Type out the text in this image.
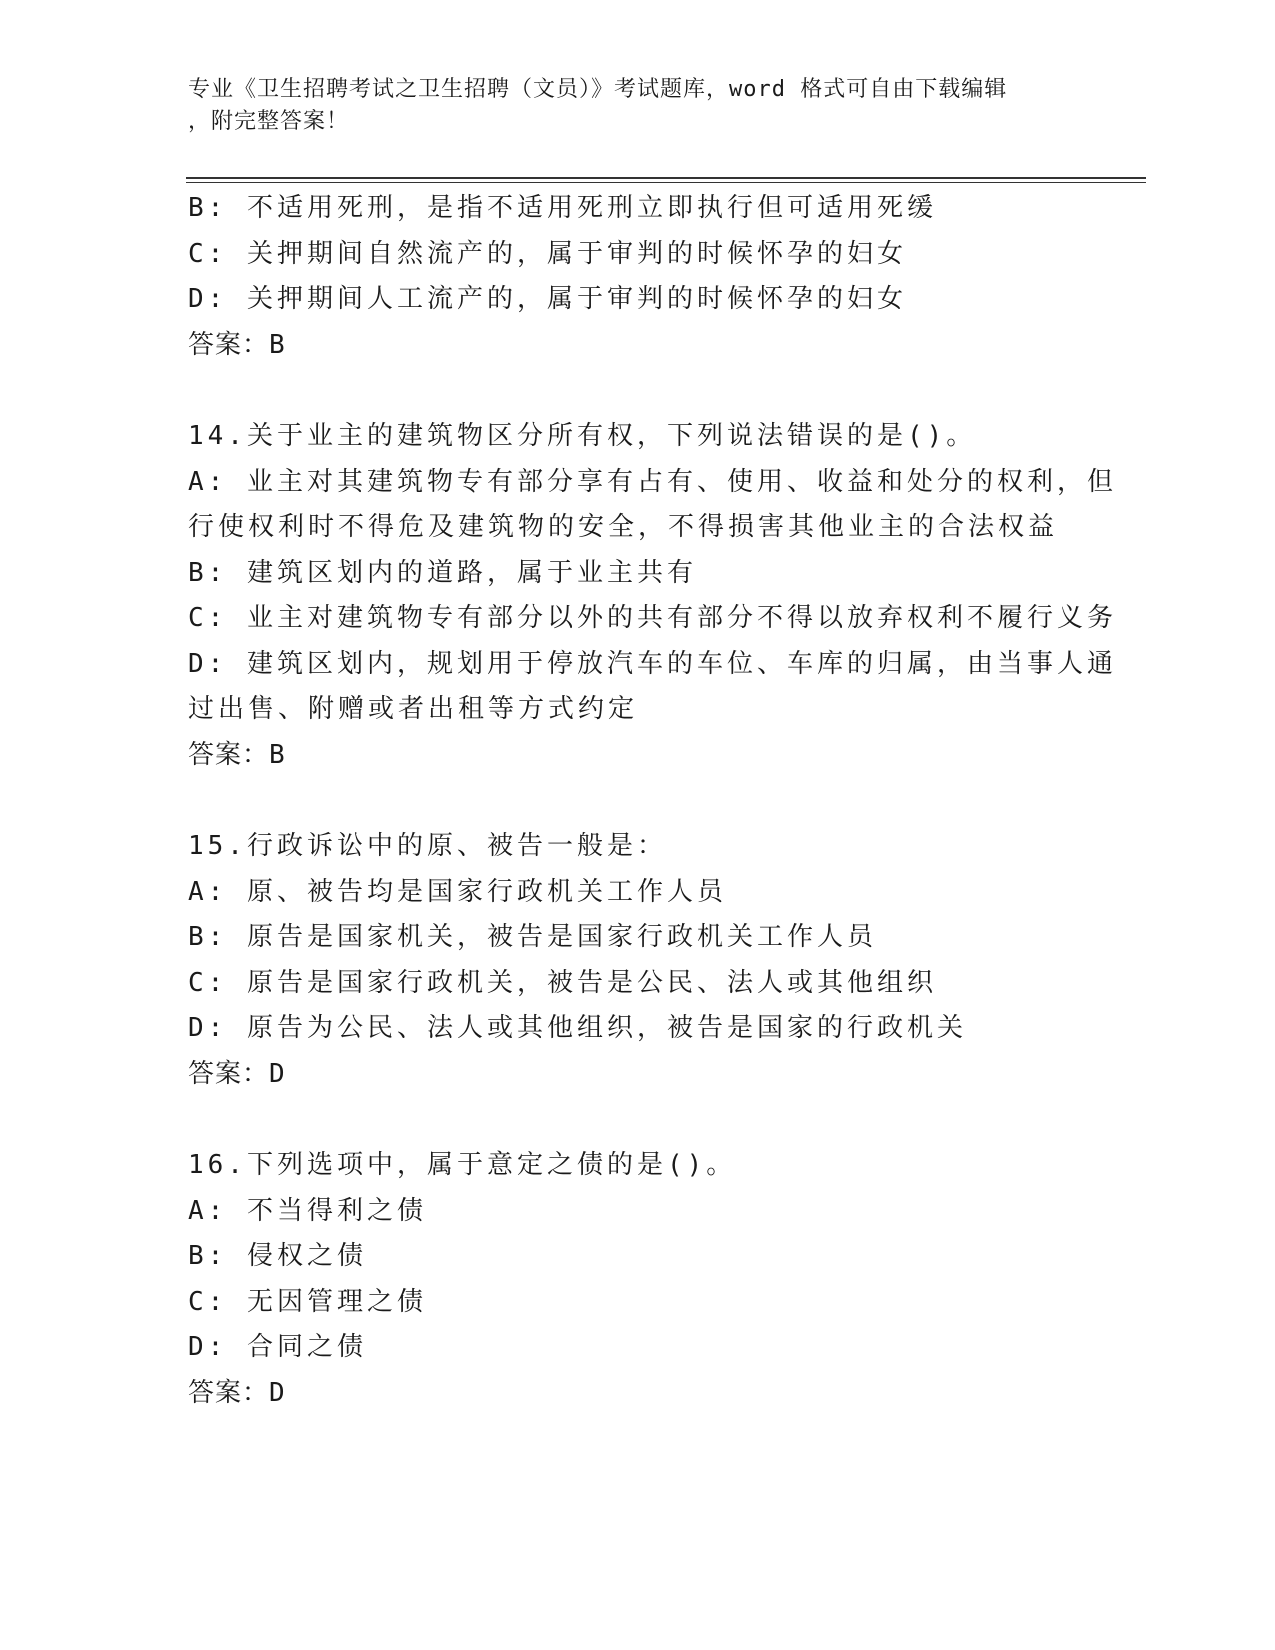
专业《卫生招聘考试之卫生招聘（文员）》考试题库，word 格式可自由下载编辑
，附完整答案！

B: 不适用死刑，是指不适用死刑立即执行但可适用死缓

C: 关押期间自然流产的，属于审判的时候怀孕的妇女

D: 关押期间人工流产的，属于审判的时候怀孕的妇女

答案：B

14.关于业主的建筑物区分所有权，下列说法错误的是()。

A: 业主对其建筑物专有部分享有占有、使用、收益和处分的权利，但

行使权利时不得危及建筑物的安全，不得损害其他业主的合法权益

B: 建筑区划内的道路，属于业主共有

C: 业主对建筑物专有部分以外的共有部分不得以放弃权利不履行义务

D: 建筑区划内，规划用于停放汽车的车位、车库的归属，由当事人通

过出售、附赠或者出租等方式约定

答案：B

15.行政诉讼中的原、被告一般是：

A: 原、被告均是国家行政机关工作人员

B: 原告是国家机关，被告是国家行政机关工作人员

C: 原告是国家行政机关，被告是公民、法人或其他组织

D: 原告为公民、法人或其他组织，被告是国家的行政机关

答案：D

16.下列选项中，属于意定之债的是()。

A: 不当得利之债

B: 侵权之债

C: 无因管理之债

D: 合同之债

答案：D
